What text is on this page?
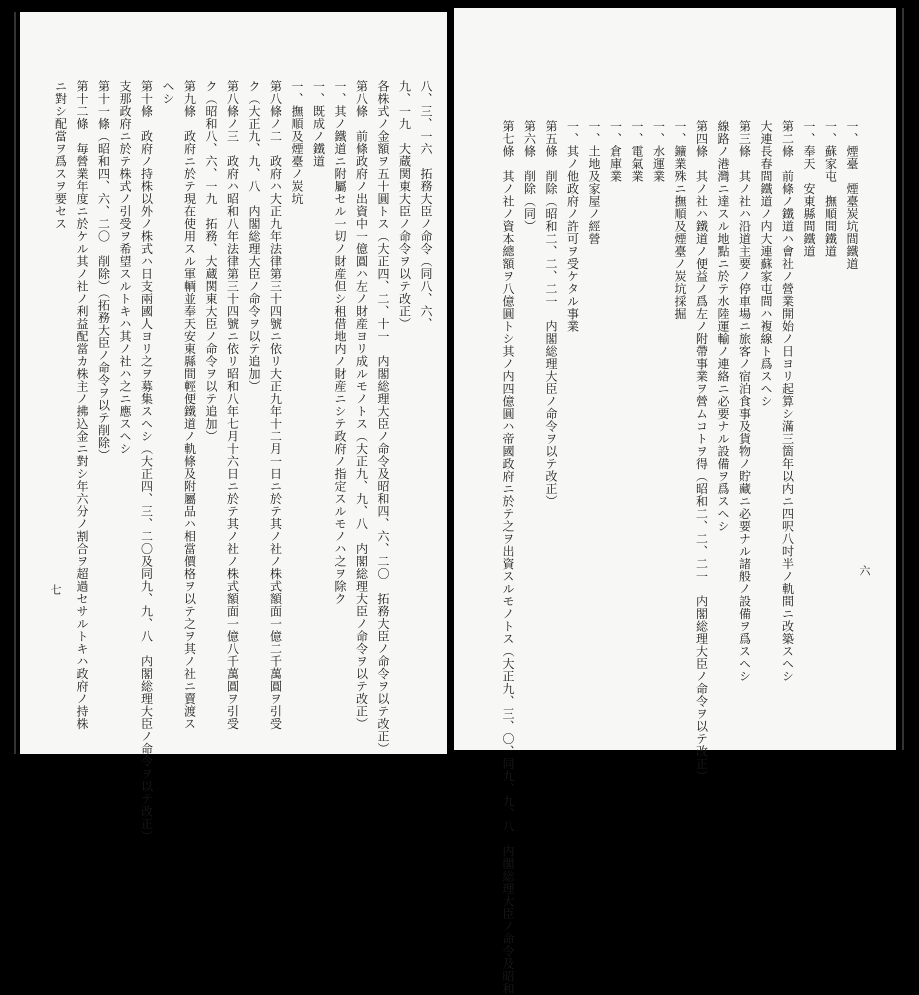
八、三、一六　拓務大臣ノ命令（同八、六、
九、一九　大蔵関東大臣ノ命令ヲ以テ改正）
各株式ノ金額ヲ五十圓トス（大正四、二、十一　内閣総理大臣ノ命令及昭和四、六、二〇　拓務大臣ノ命令ヲ以テ改正）
第八條　前條政府ノ出資中一億圓ハ左ノ財産ヨリ成ルモノトス（大正九、九、八　内閣総理大臣ノ命令ヲ以テ改正）
一、其ノ鐵道ニ附屬セル一切ノ財産但シ租借地内ノ財産ニシテ政府ノ指定スルモノハ之ヲ除ク
一、既成ノ鐵道
一、撫順及煙臺ノ炭坑
第八條ノ二　政府ハ大正九年法律第三十四號ニ依リ大正九年十二月一日ニ於テ其ノ社ノ株式額面一億二千萬圓ヲ引受
ク（大正九、九、八　内閣総理大臣ノ命令ヲ以テ追加）
第八條ノ三　政府ハ昭和八年法律第三十四號ニ依リ昭和八年七月十六日ニ於テ其ノ社ノ株式額面一億八千萬圓ヲ引受
ク（昭和八、六、一九　拓務、大蔵関東大臣ノ命令ヲ以テ追加）
第九條　政府ニ於テ現在使用スル軍輌並奉天安東縣間輕便鐵道ノ軌條及附屬品ハ相當價格ヲ以テ之ヲ其ノ社ニ賣渡ス
ヘシ
第十條　政府ノ持株以外ノ株式ハ日支兩國人ヨリ之ヲ募集スヘシ（大正四、三、二〇及同九、九、八　内閣総理大臣ノ命令ヲ以テ改正）
支那政府ニ於テ株式ノ引受ヲ希望スルトキハ其ノ社ハ之ニ應スヘシ
第十一條（昭和四、六、二〇　削除）（拓務大臣ノ命令ヲ以テ削除）
第十二條　毎營業年度ニ於ケル其ノ社ノ利益配當カ株主ノ拂込金ニ對シ年六分ノ割合ヲ超過セサルトキハ政府ノ持株
ニ對シ配當ヲ爲スヲ要セス
七
一、煙臺　煙臺炭坑間鐵道
一、蘇家屯　撫順間鐵道
一、奉天　安東縣間鐵道
第二條　前條ノ鐵道ハ會社ノ營業開始ノ日ヨリ起算シ滿三箇年以内ニ四呎八吋半ノ軌間ニ改築スヘシ
大連長春間鐵道ノ内大連蘇家屯間ハ複線ト爲スヘシ
第三條　其ノ社ハ沿道主要ノ停車場ニ旅客ノ宿泊食事及貨物ノ貯藏ニ必要ナル諸般ノ設備ヲ爲スヘシ
線路ノ港灣ニ達スル地點ニ於テ水陸運輸ノ連絡ニ必要ナル設備ヲ爲スヘシ
第四條　其ノ社ハ鐵道ノ便益ノ爲左ノ附帶事業ヲ營ムコトヲ得（昭和二、二、二一　内閣総理大臣ノ命令ヲ以テ改正）
一、鑛業殊ニ撫順及煙臺ノ炭坑採掘
一、水運業
一、電氣業
一、倉庫業
一、土地及家屋ノ經營
一、其ノ他政府ノ許可ヲ受ケタル事業
第五條　削除（昭和二、二、二一　内閣総理大臣ノ命令ヲ以テ改正）
第六條　削除（同）
第七條　其ノ社ノ資本總額ヲ八億圓トシ其ノ内四億圓ハ帝國政府ニ於テ之ヲ出資スルモノトス（大正九、三、〇、同九、九、八　内閣総理大臣ノ命令及昭和	六
